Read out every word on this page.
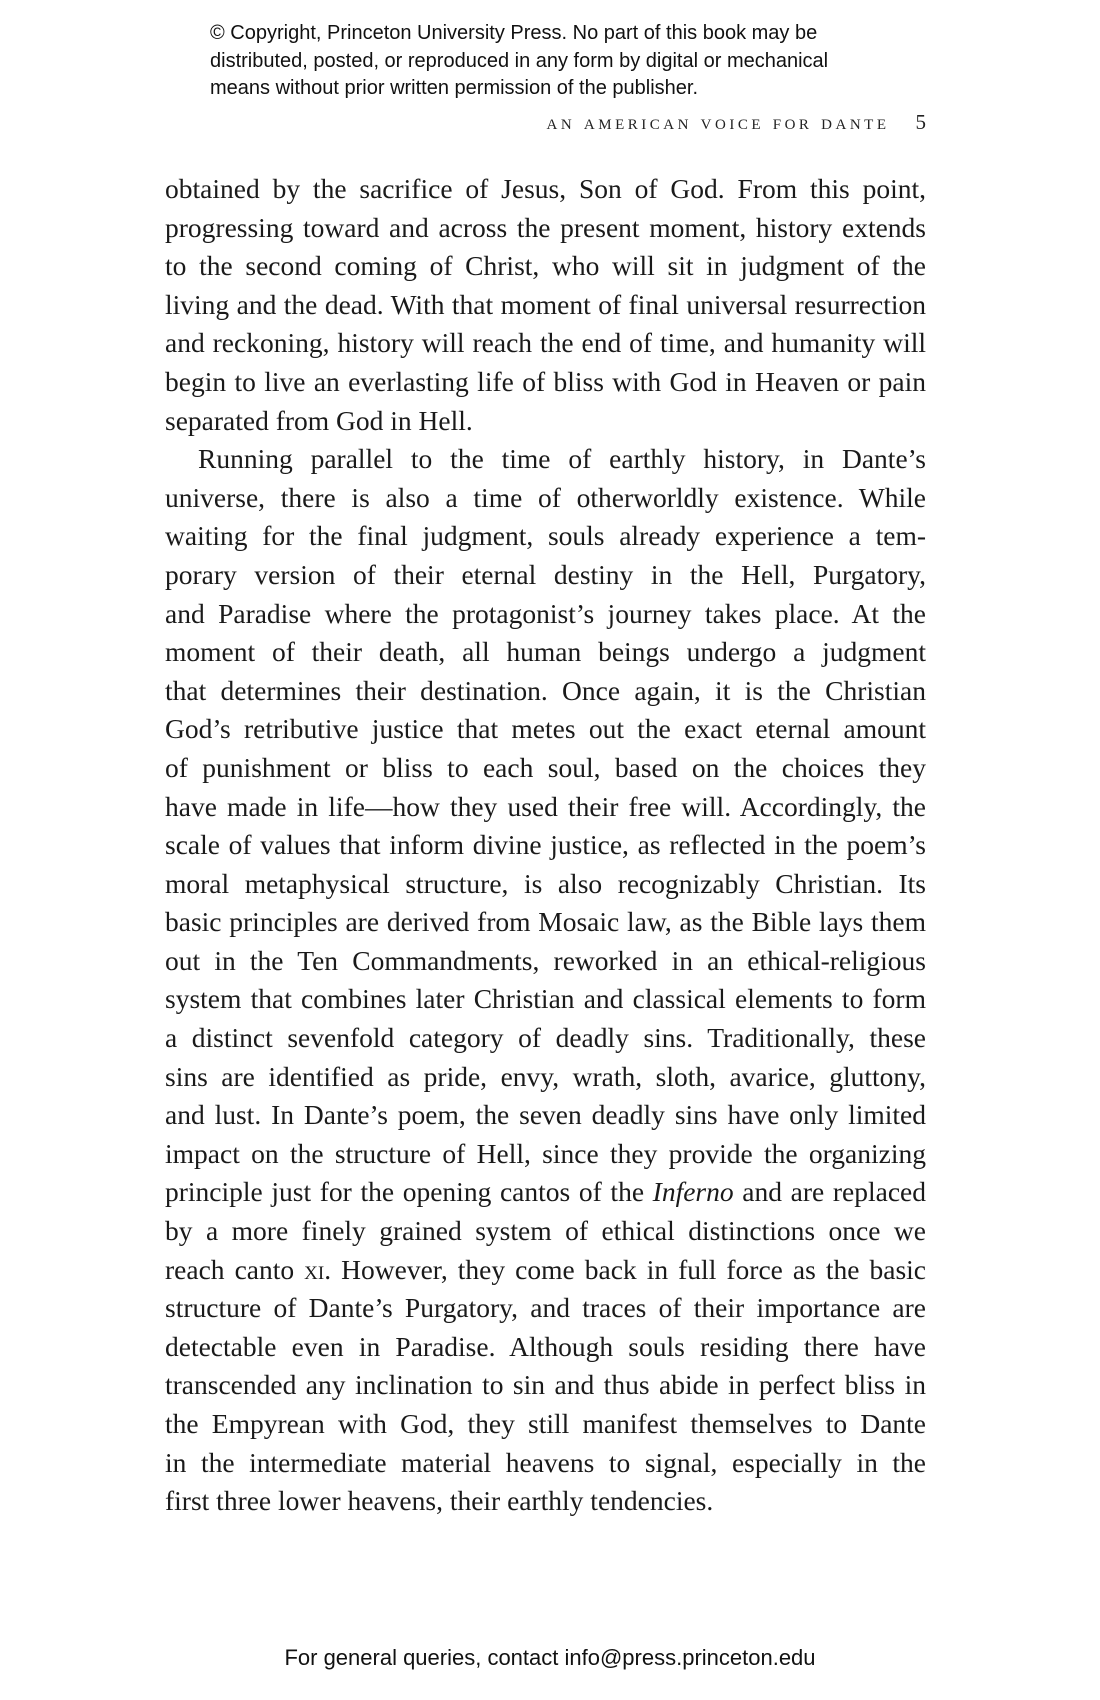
© Copyright, Princeton University Press. No part of this book may be
distributed, posted, or reproduced in any form by digital or mechanical
means without prior written permission of the publisher.
an american voice for dante 5
obtained by the sacrifice of Jesus, Son of God. From this point,
progressing toward and across the present moment, history extends
to the second coming of Christ, who will sit in judgment of the
living and the dead. With that moment of final universal resurrection
and reckoning, history will reach the end of time, and humanity will
begin to live an everlasting life of bliss with God in Heaven or pain
separated from God in Hell.
Running parallel to the time of earthly history, in Dante’s
universe, there is also a time of otherworldly existence. While
waiting for the final judgment, souls already experience a tem-
porary version of their eternal destiny in the Hell, Purgatory,
and Paradise where the protagonist’s journey takes place. At the
moment of their death, all human beings undergo a judgment
that determines their destination. Once again, it is the Christian
God’s retributive justice that metes out the exact eternal amount
of punishment or bliss to each soul, based on the choices they
have made in life—how they used their free will. Accordingly, the
scale of values that inform divine justice, as reflected in the poem’s
moral metaphysical structure, is also recognizably Christian. Its
basic principles are derived from Mosaic law, as the Bible lays them
out in the Ten Commandments, reworked in an ethical-religious
system that combines later Christian and classical elements to form
a distinct sevenfold category of deadly sins. Traditionally, these
sins are identified as pride, envy, wrath, sloth, avarice, gluttony,
and lust. In Dante’s poem, the seven deadly sins have only limited
impact on the structure of Hell, since they provide the organizing
principle just for the opening cantos of the Inferno and are replaced
by a more finely grained system of ethical distinctions once we
reach canto xi. However, they come back in full force as the basic
structure of Dante’s Purgatory, and traces of their importance are
detectable even in Paradise. Although souls residing there have
transcended any inclination to sin and thus abide in perfect bliss in
the Empyrean with God, they still manifest themselves to Dante
in the intermediate material heavens to signal, especially in the
first three lower heavens, their earthly tendencies.
For general queries, contact info@press.princeton.edu
